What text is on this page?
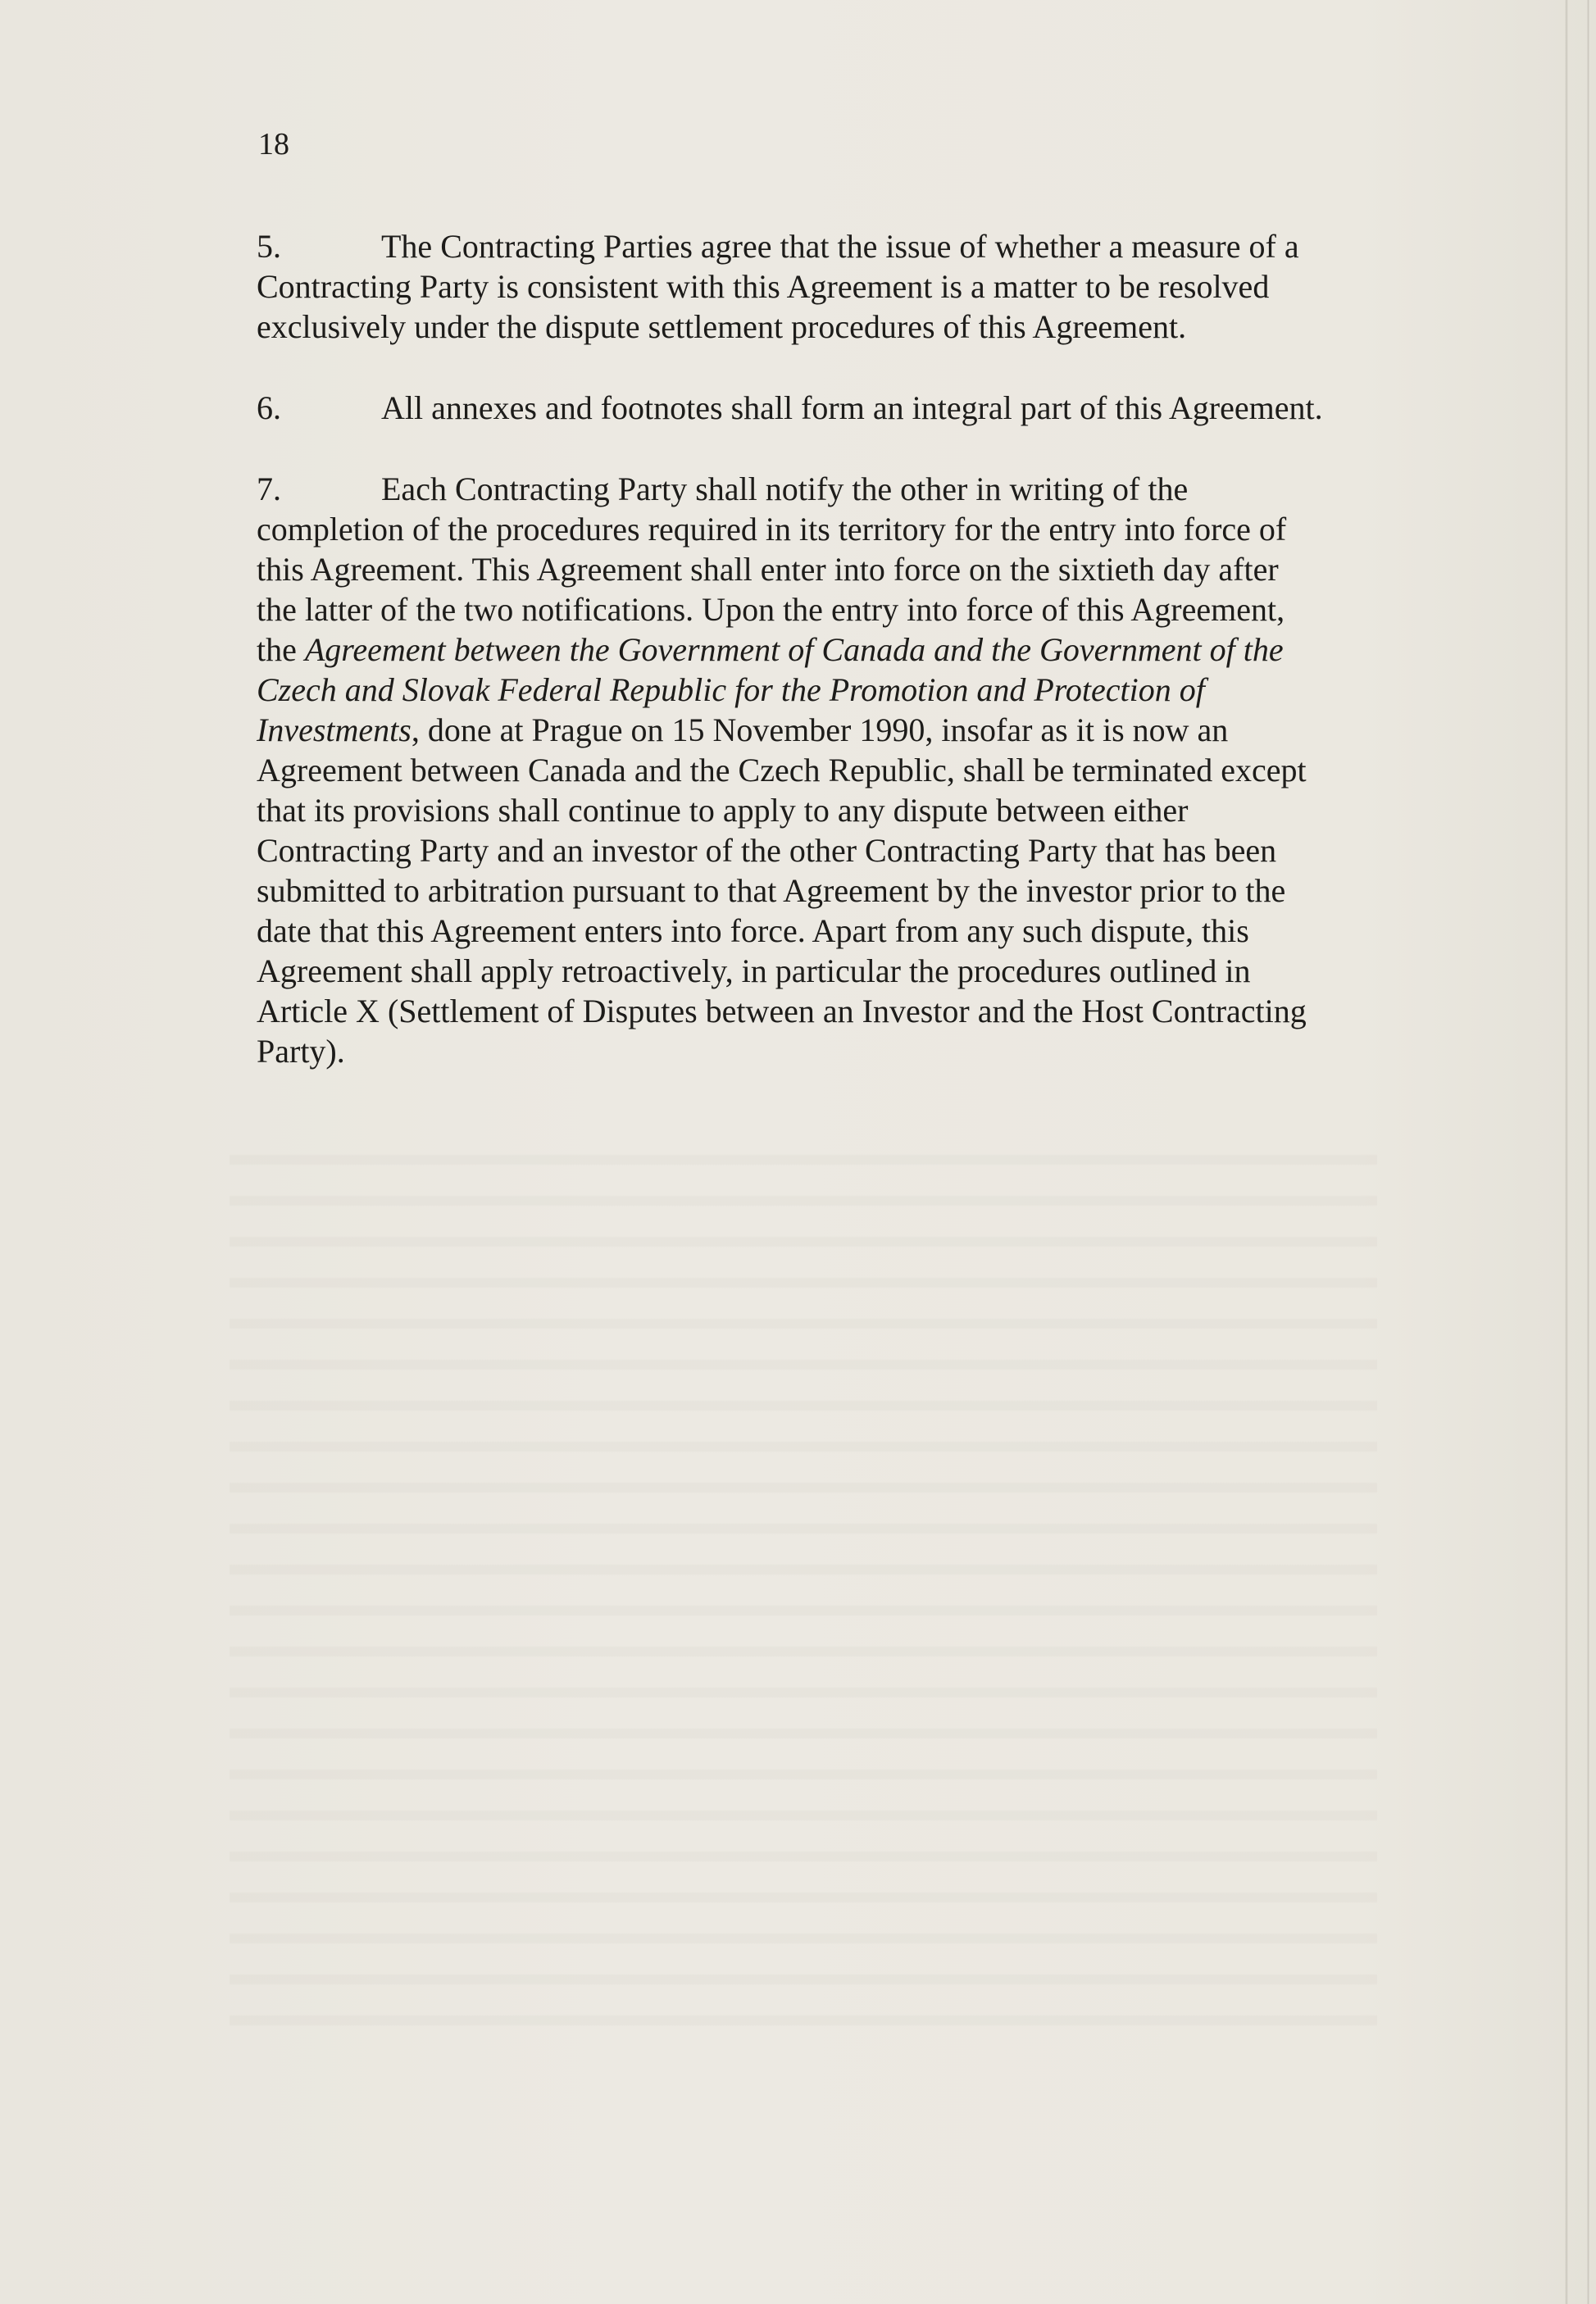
18

5.	The Contracting Parties agree that the issue of whether a measure of a
Contracting Party is consistent with this Agreement is a matter to be resolved
exclusively under the dispute settlement procedures of this Agreement.

6.	All annexes and footnotes shall form an integral part of this Agreement.

7.	Each Contracting Party shall notify the other in writing of the
completion of the procedures required in its territory for the entry into force of
this Agreement. This Agreement shall enter into force on the sixtieth day after
the latter of the two notifications. Upon the entry into force of this Agreement,
the Agreement between the Government of Canada and the Government of the
Czech and Slovak Federal Republic for the Promotion and Protection of
Investments, done at Prague on 15 November 1990, insofar as it is now an
Agreement between Canada and the Czech Republic, shall be terminated except
that its provisions shall continue to apply to any dispute between either
Contracting Party and an investor of the other Contracting Party that has been
submitted to arbitration pursuant to that Agreement by the investor prior to the
date that this Agreement enters into force. Apart from any such dispute, this
Agreement shall apply retroactively, in particular the procedures outlined in
Article X (Settlement of Disputes between an Investor and the Host Contracting
Party).
